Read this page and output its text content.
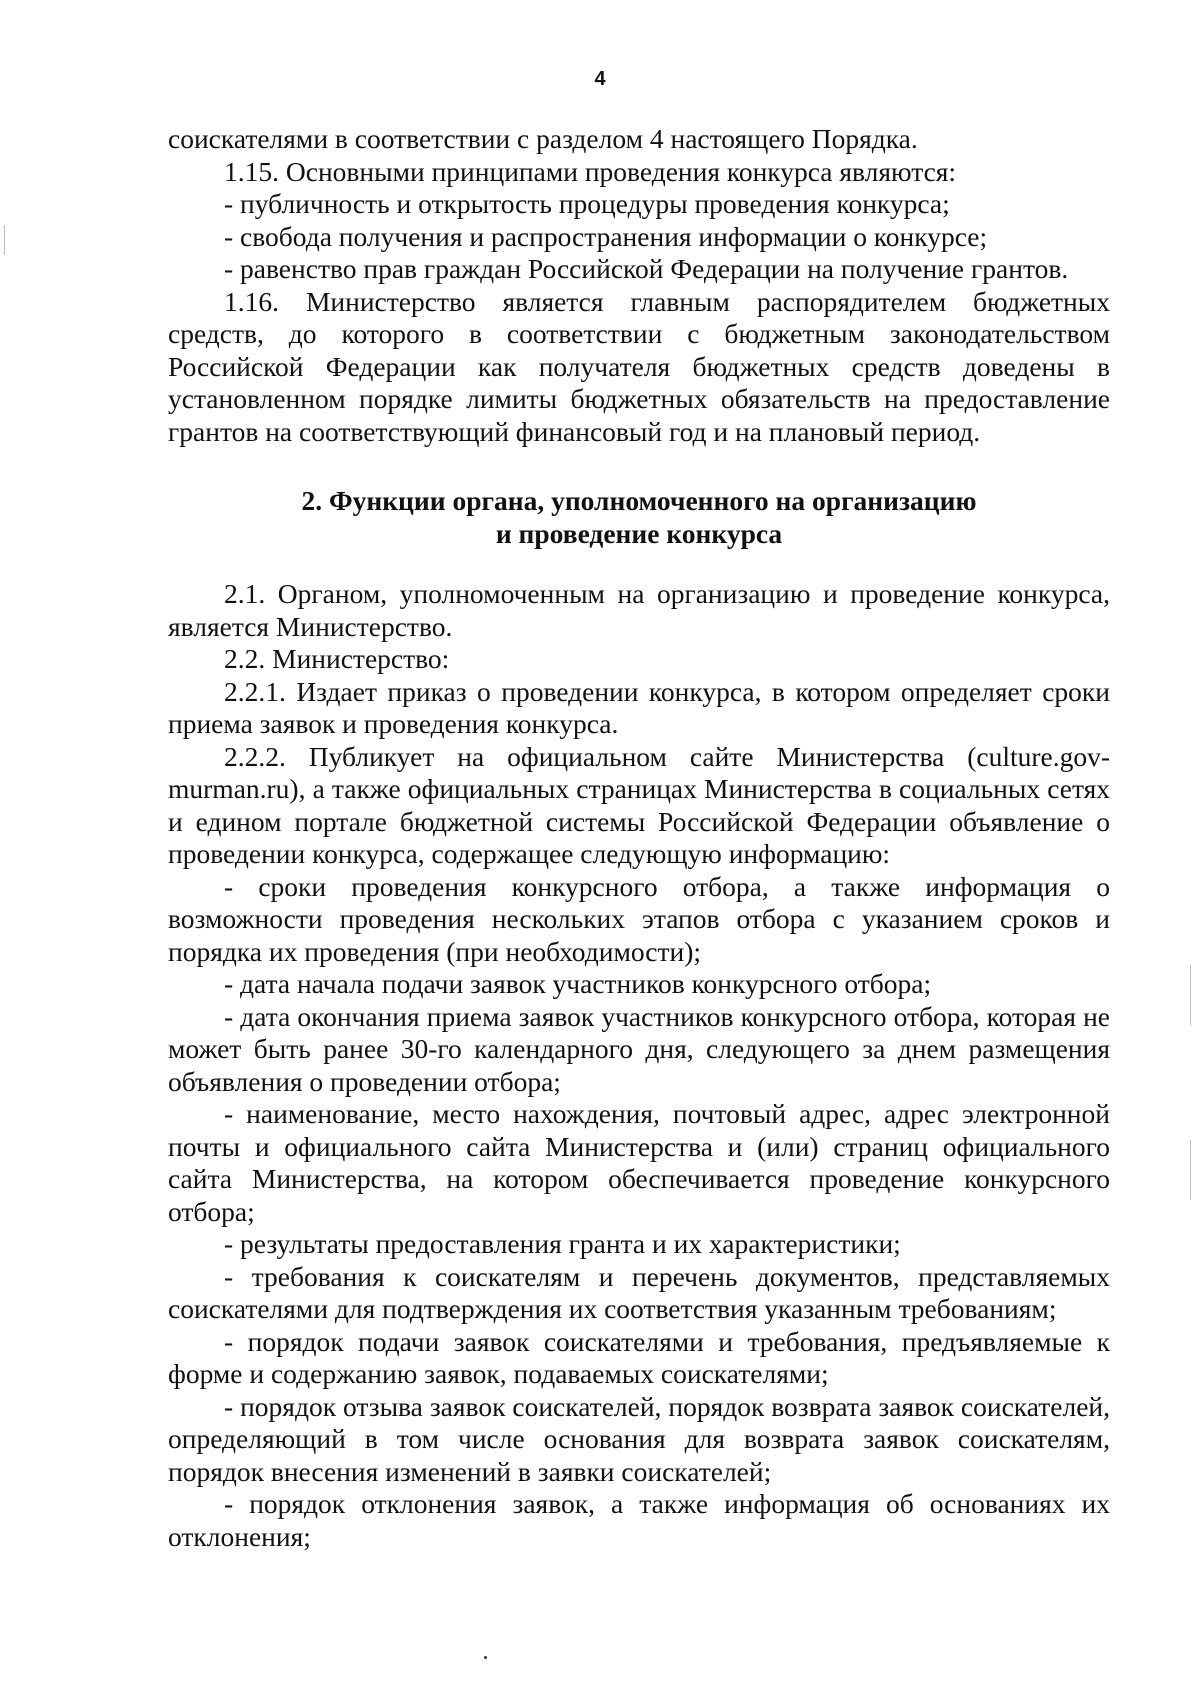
4

соискателями в соответствии с разделом 4 настоящего Порядка.

1.15. Основными принципами проведения конкурса являются:

- публичность и открытость процедуры проведения конкурса;

- свобода получения и распространения информации о конкурсе;

- равенство прав граждан Российской Федерации на получение грантов.

1.16. Министерство является главным распорядителем бюджетных средств, до которого в соответствии с бюджетным законодательством Российской Федерации как получателя бюджетных средств доведены в установленном порядке лимиты бюджетных обязательств на предоставление грантов на соответствующий финансовый год и на плановый период.

2. Функции органа, уполномоченного на организацию
и проведение конкурса

2.1. Органом, уполномоченным на организацию и проведение конкурса, является Министерство.

2.2. Министерство:

2.2.1. Издает приказ о проведении конкурса, в котором определяет сроки приема заявок и проведения конкурса.

2.2.2. Публикует на официальном сайте Министерства (culture.gov-murman.ru), а также официальных страницах Министерства в социальных сетях и едином портале бюджетной системы Российской Федерации объявление о проведении конкурса, содержащее следующую информацию:

- сроки проведения конкурсного отбора, а также информация о возможности проведения нескольких этапов отбора с указанием сроков и порядка их проведения (при необходимости);

- дата начала подачи заявок участников конкурсного отбора;

- дата окончания приема заявок участников конкурсного отбора, которая не может быть ранее 30-го календарного дня, следующего за днем размещения объявления о проведении отбора;

- наименование, место нахождения, почтовый адрес, адрес электронной почты и официального сайта Министерства и (или) страниц официального сайта Министерства, на котором обеспечивается проведение конкурсного отбора;

- результаты предоставления гранта и их характеристики;

- требования к соискателям и перечень документов, представляемых соискателями для подтверждения их соответствия указанным требованиям;

- порядок подачи заявок соискателями и требования, предъявляемые к форме и содержанию заявок, подаваемых соискателями;

- порядок отзыва заявок соискателей, порядок возврата заявок соискателей, определяющий в том числе основания для возврата заявок соискателям, порядок внесения изменений в заявки соискателей;

- порядок отклонения заявок, а также информация об основаниях их отклонения;
